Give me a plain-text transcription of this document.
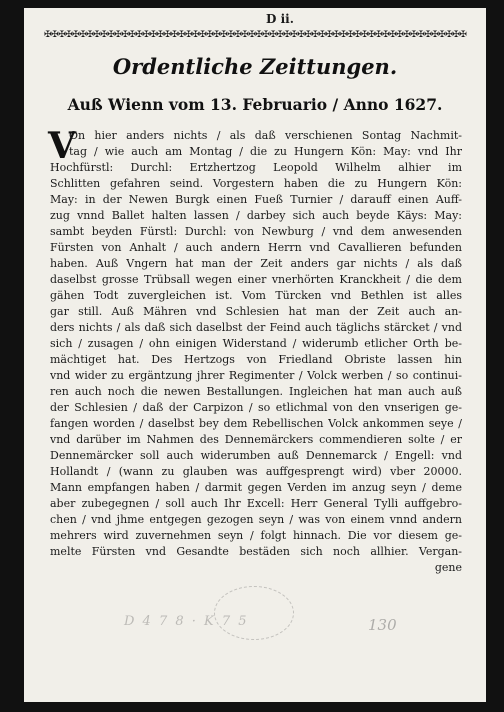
D ii.
✠✠✠✠✠✠✠✠✠✠✠✠✠✠✠✠✠✠✠✠✠✠✠✠✠✠✠✠✠✠✠✠✠✠✠✠✠✠✠✠✠✠✠✠✠✠✠✠✠✠✠✠✠✠✠✠✠✠✠✠
Ordentliche Zeittungen.
Auß Wienn vom 13. Februario / Anno 1627.
V
On hier anders nichts / als daß verschienen Sontag Nachmit-
tag / wie auch am Montag / die zu Hungern Kön: May: vnd Ihr
Hochfürstl: Durchl: Ertzhertzog Leopold Wilhelm alhier im
Schlitten gefahren seind. Vorgestern haben die zu Hungern Kön:
May: in der Newen Burgk einen Fueß Turnier / darauff einen Auff-
zug vnnd Ballet halten lassen / darbey sich auch beyde Käys: May:
sambt beyden Fürstl: Durchl: von Newburg / vnd dem anwesenden
Fürsten von Anhalt / auch andern Herrn vnd Cavallieren befunden
haben. Auß Vngern hat man der Zeit anders gar nichts / als daß
daselbst grosse Trübsall wegen einer vnerhörten Kranckheit / die dem
gähen Todt zuvergleichen ist. Vom Türcken vnd Bethlen ist alles
gar still. Auß Mähren vnd Schlesien hat man der Zeit auch an-
ders nichts / als daß sich daselbst der Feind auch täglichs stärcket / vnd
sich / zusagen / ohn einigen Widerstand / widerumb etlicher Orth be-
mächtiget hat. Des Hertzogs von Friedland Obriste lassen hin
vnd wider zu ergäntzung jhrer Regimenter / Volck werben / so continui-
ren auch noch die newen Bestallungen. Ingleichen hat man auch auß
der Schlesien / daß der Carpizon / so etlichmal von den vnserigen ge-
fangen worden / daselbst bey dem Rebellischen Volck ankommen seye /
vnd darüber im Nahmen des Dennemärckers commendieren solte / er
Dennemärcker soll auch widerumben auß Dennemarck / Engell: vnd
Hollandt / (wann zu glauben was auffgesprengt wird) vber 20000.
Mann empfangen haben / darmit gegen Verden im anzug seyn / deme
aber zubegegnen / soll auch Ihr Excell: Herr General Tylli auffgebro-
chen / vnd jhme entgegen gezogen seyn / was von einem vnnd andern
mehrers wird zuvernehmen seyn / folgt hinnach. Die vor diesem ge-
melte Fürsten vnd Gesandte bestäden sich noch allhier. Vergan-
gene
D 4 7 8 · K 7 5	130
